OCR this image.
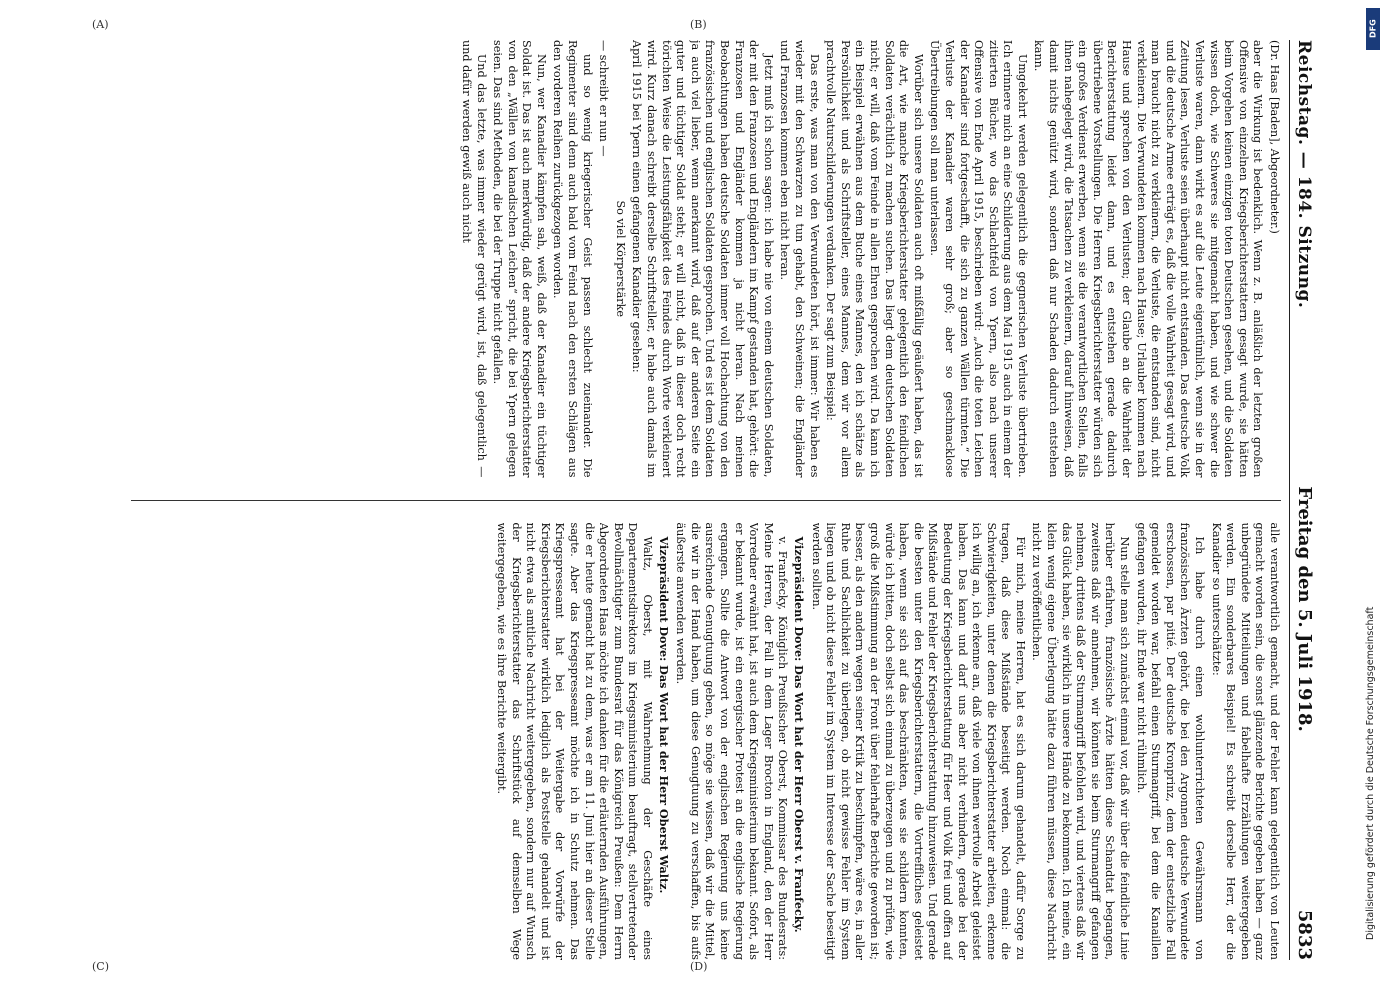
Reichstag. — 184. Sitzung.
Freitag den 5. Juli 1918.
5833

(Dr. Haas [Baden], Abgeordneter.)

aber die Wirkung ist bedenklich. Wenn z. B. anläßlich der letzten großen Offensive von einzelnen Kriegsberichterstattern gesagt wurde, sie hätten beim Vorgehen keinen einzigen toten Deutschen gesehen, und die Soldaten wissen doch, wie Schweres sie mitgemacht haben, und wie schwer die Verluste waren, dann wirkt es auf die Leute eigentümlich, wenn sie in der Zeitung lesen, Verluste seien überhaupt nicht entstanden. Das deutsche Volk und die deutsche Armee erträgt es, daß die volle Wahrheit gesagt wird, und man braucht nicht zu verkleinern, die Verluste, die entstanden sind, nicht verkleinern. Die Verwundeten kommen nach Hause; Urlauber kommen nach Hause und sprechen von den Verlusten; der Glaube an die Wahrheit der Berichterstattung leidet dann, und es entstehen gerade dadurch übertriebene Vorstellungen. Die Herren Kriegsberichterstatter würden sich ein großes Verdienst erwerben, wenn sie die verantwortlichen Stellen, falls ihnen nahegelegt wird, die Tatsachen zu verkleinern, darauf hinweisen, daß damit nichts genützt wird, sondern daß nur Schaden dadurch entstehen kann.

Umgekehrt werden gelegentlich die gegnerischen Verluste übertrieben. Ich erinnere mich an eine Schilderung aus dem Mai 1915 auch in einem der zitierten Bücher, wo das Schlachtfeld von Ypern, also nach unserer Offensive von Ende April 1915, beschrieben wird: „Auch die toten Leichen der Kanadier sind fortgeschafft, die sich zu ganzen Wällen türmten.“ Die Verluste der Kanadier waren sehr groß; aber so geschmacklose Übertreibungen soll man unterlassen.

Worüber sich unsere Soldaten auch oft mißfällig geäußert haben, das ist die Art, wie manche Kriegsberichterstatter gelegentlich den feindlichen Soldaten verächtlich zu machen suchen. Das liegt dem deutschen Soldaten nicht; er will, daß vom Feinde in allen Ehren gesprochen wird. Da kann ich ein Beispiel erwähnen aus dem Buche eines Mannes, den ich schätze als Persönlichkeit und als Schriftsteller, eines Mannes, dem wir vor allem prachtvolle Naturschilderungen verdanken. Der sagt zum Beispiel:

Das erste, was man von den Verwundeten hört, ist immer: Wir haben es wieder mit den Schwarzen zu tun gehabt, den Schweinen; die Engländer und Franzosen kommen eben nicht heran.

Jetzt muß ich schon sagen: ich habe nie von einem deutschen Soldaten, der mit den Franzosen und Engländern im Kampf gestanden hat, gehört: die Franzosen und Engländer kommen ja nicht heran. Nach meinen Beobachtungen haben deutsche Soldaten immer voll Hochachtung von den französischen und englischen Soldaten gesprochen. Und es ist dem Soldaten ja auch viel lieber, wenn anerkannt wird, daß auf der anderen Seite ein guter und tüchtiger Soldat steht; er will nicht, daß in dieser doch recht törichten Weise die Leistungsfähigkeit des Feindes durch Worte verkleinert wird. Kurz danach schreibt derselbe Schriftsteller, er habe auch damals im April 1915 bei Ypern einen gefangenen Kanadier gesehen:

So viel Körperstärke

— schreibt er nun —

und so wenig kriegerischer Geist passen schlecht zueinander. Die Regimenter sind denn auch bald vom Feind nach den ersten Schlägen aus den vorderen Reihen zurückgezogen worden.

Nun, wer Kanadier kämpfen sah, weiß, daß der Kanadier ein tüchtiger Soldat ist. Das ist auch merkwürdig, daß der andere Kriegsberichterstatter von den „Wällen von kanadischen Leichen“ spricht, die bei Ypern gelegen seien. Das sind Methoden, die bei der Truppe nicht gefallen.

Und das letzte, was immer wieder gerügt wird, ist, daß gelegentlich — und dafür werden gewiß auch nicht

alle verantwortlich gemacht, und der Fehler kann gelegentlich von Leuten gemacht worden sein, die sonst glänzende Berichte gegeben haben — ganz unbegründete Mitteilungen und fabelhafte Erzählungen weitergegeben werden. Ein sonderbares Beispiel! Es schreibt derselbe Herr, der die Kanadier so unterschätzte:

Ich habe durch einen wohlunterrichteten Gewährsmann von französischen Ärzten gehört, die bei den Argonnen deutsche Verwundete erschossen, par pitié. Der deutsche Kronprinz, dem der entsetzliche Fall gemeldet worden war, befahl einen Sturmangriff, bei dem die Kanaillen gefangen wurden, ihr Ende war nicht rühmlich.

Nun stelle man sich zunächst einmal vor, daß wir über die feindliche Linie herüber erfahren, französische Ärzte hätten diese Schandtat begangen, zweitens daß wir annehmen, wir könnten sie beim Sturmangriff gefangen nehmen, drittens daß der Sturmangriff befohlen wird, und viertens daß wir das Glück haben, sie wirklich in unsere Hände zu bekommen. Ich meine, ein klein wenig eigene Überlegung hätte dazu führen müssen, diese Nachricht nicht zu veröffentlichen.

Für mich, meine Herren, hat es sich darum gehandelt, dafür Sorge zu tragen, daß diese Mißstände beseitigt werden. Noch einmal: die Schwierigkeiten, unter denen die Kriegsberichterstatter arbeiten, erkenne ich willig an, ich erkenne an, daß viele von ihnen wertvolle Arbeit geleistet haben. Das kann und darf uns aber nicht verhindern, gerade bei der Bedeutung der Kriegsberichterstattung für Heer und Volk frei und offen auf Mißstände und Fehler der Kriegsberichterstattung hinzuweisen. Und gerade die besten unter den Kriegsberichterstattern, die Vortreffliches geleistet haben, wenn sie sich auf das beschränkten, was sie schildern konnten, würde ich bitten, doch selbst sich einmal zu überzeugen und zu prüfen, wie groß die Mißstimmung an der Front über fehlerhafte Berichte geworden ist; besser, als den andern wegen seiner Kritik zu beschimpfen, wäre es, in aller Ruhe und Sachlichkeit zu überlegen, ob nicht gewisse Fehler im System liegen und ob nicht diese Fehler im System im Interesse der Sache beseitigt werden sollten.

Vizepräsident Dove: Das Wort hat der Herr Oberst v. Franfecky.

v. Franfecky, Königlich Preußischer Oberst, Kommissar des Bundesrats: Meine Herren, der Fall in dem Lager Brocton in England, den der Herr Vorredner erwähnt hat, ist auch dem Kriegsministerium bekannt. Sofort, als er bekannt wurde, ist ein energischer Protest an die englische Regierung ergangen. Sollte die Antwort von der englischen Regierung uns keine ausreichende Genugtuung geben, so möge sie wissen, daß wir die Mittel, die wir in der Hand haben, um diese Genugtuung zu verschaffen, bis aufs äußerste anwenden werden.

Vizepräsident Dove: Das Wort hat der Herr Oberst Waltz.

Waltz, Oberst, mit Wahrnehmung der Geschäfte eines Departementsdirektors im Kriegsministerium beauftragt, stellvertretender Bevollmächtigter zum Bundesrat für das Königreich Preußen: Dem Herrn Abgeordneten Haas möchte ich danken für die erläuternden Ausführungen, die er heute gemacht hat zu dem, was er am 11. Juni hier an dieser Stelle sagte. Aber das Kriegspresseamt möchte ich in Schutz nehmen. Das Kriegspresseamt hat bei der Weitergabe der Vorwürfe der Kriegsberichterstatter wirklich lediglich als Poststelle gehandelt und ist nicht etwa als amtliche Nachricht weitergegeben, sondern nur auf Wunsch der Kriegsberichterstatter das Schriftstück auf demselben Wege weitergegeben, wie es ihre Berichte weitergibt.

(A)	(B)
(C)	(D)
DFG
Digitalisierung gefördert durch die Deutsche Forschungsgemeinschaft
